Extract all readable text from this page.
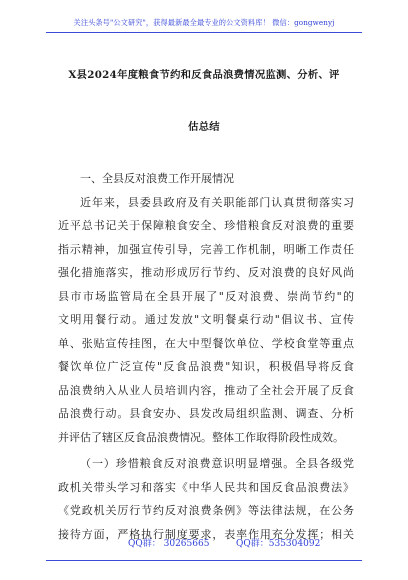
关注头条号"公文研究"，获得最新最全最专业的公文资料库！ 微信：gongwenyj
X县2024年度粮食节约和反食品浪费情况监测、分析、评
估总结
一、全县反对浪费工作开展情况
近年来，县委县政府及有关职能部门认真贯彻落实习
近平总书记关于保障粮食安全、珍惜粮食反对浪费的重要
指示精神，加强宣传引导，完善工作机制，明晰工作责任
强化措施落实，推动形成厉行节约、反对浪费的良好风尚
县市市场监管局在全县开展了"反对浪费、崇尚节约"的
文明用餐行动。通过发放"文明餐桌行动"倡议书、宣传
单、张贴宣传挂图，在大中型餐饮单位、学校食堂等重点
餐饮单位广泛宣传"反食品浪费"知识，积极倡导将反食
品浪费纳入从业人员培训内容，推动了全社会开展了反食
品浪费行动。县食安办、县发改局组织监测、调查、分析
并评估了辖区反食品浪费情况。整体工作取得阶段性成效。
（一）珍惜粮食反对浪费意识明显增强。全县各级党
政机关带头学习和落实《中华人民共和国反食品浪费法》
《党政机关厉行节约反对浪费条例》等法律法规，在公务
接待方面，严格执行制度要求，表率作用充分发挥；相关
QQ群： 30265665	QQ群：535304092
